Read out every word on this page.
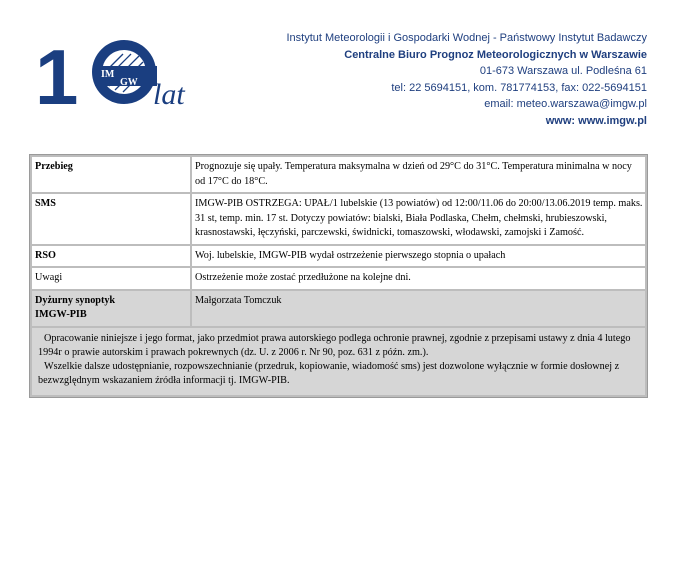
1 IM
GW lat
Instytut Meteorologii i Gospodarki Wodnej - Państwowy Instytut Badawczy
Centralne Biuro Prognoz Meteorologicznych w Warszawie
01-673 Warszawa ul. Podleśna 61
tel: 22 5694151, kom. 781774153, fax: 022-5694151
email: meteo.warszawa@imgw.pl
www: www.imgw.pl
Przebieg	Prognozuje się upały. Temperatura maksymalna w dzień od 29°C do 31°C. Temperatura minimalna w nocy od 17°C do 18°C.
SMS	IMGW-PIB OSTRZEGA: UPAŁ/1 lubelskie (13 powiatów) od 12:00/11.06 do 20:00/13.06.2019 temp. maks. 31 st, temp. min. 17 st. Dotyczy powiatów: bialski, Biała Podlaska, Chełm, chełmski, hrubieszowski, krasnostawski, łęczyński, parczewski, świdnicki, tomaszowski, włodawski, zamojski i Zamość.
RSO	Woj. lubelskie, IMGW-PIB wydał ostrzeżenie pierwszego stopnia o upałach
Uwagi	Ostrzeżenie może zostać przedłużone na kolejne dni.

Dyżurny synoptyk
IMGW-PIB	Małgorzata Tomczuk

Opracowanie niniejsze i jego format, jako przedmiot prawa autorskiego podlega ochronie prawnej, zgodnie z przepisami ustawy z dnia 4 lutego 1994r o prawie autorskim i prawach pokrewnych (dz. U. z 2006 r. Nr 90, poz. 631 z późn. zm.).
Wszelkie dalsze udostępnianie, rozpowszechnianie (przedruk, kopiowanie, wiadomość sms) jest dozwolone wyłącznie w formie dosłownej z bezwzględnym wskazaniem źródła informacji tj. IMGW-PIB.	
